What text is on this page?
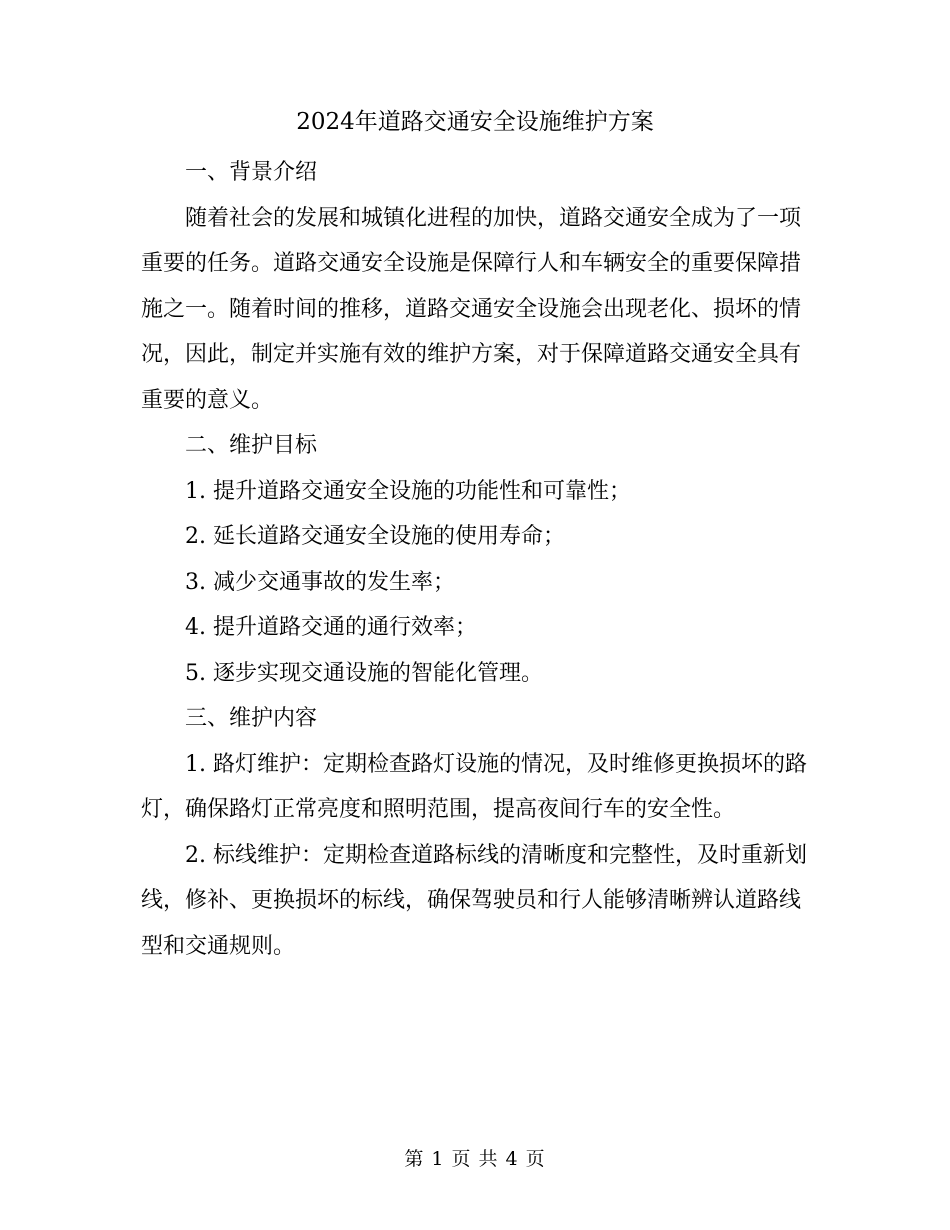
2024年道路交通安全设施维护方案

一、背景介绍

随着社会的发展和城镇化进程的加快，道路交通安全成为了一项重要的任务。道路交通安全设施是保障行人和车辆安全的重要保障措施之一。随着时间的推移，道路交通安全设施会出现老化、损坏的情况，因此，制定并实施有效的维护方案，对于保障道路交通安全具有重要的意义。

二、维护目标

1. 提升道路交通安全设施的功能性和可靠性；

2. 延长道路交通安全设施的使用寿命；

3. 减少交通事故的发生率；

4. 提升道路交通的通行效率；

5. 逐步实现交通设施的智能化管理。

三、维护内容

1. 路灯维护：定期检查路灯设施的情况，及时维修更换损坏的路灯，确保路灯正常亮度和照明范围，提高夜间行车的安全性。

2. 标线维护：定期检查道路标线的清晰度和完整性，及时重新划线，修补、更换损坏的标线，确保驾驶员和行人能够清晰辨认道路线型和交通规则。

第 1 页 共 4 页
